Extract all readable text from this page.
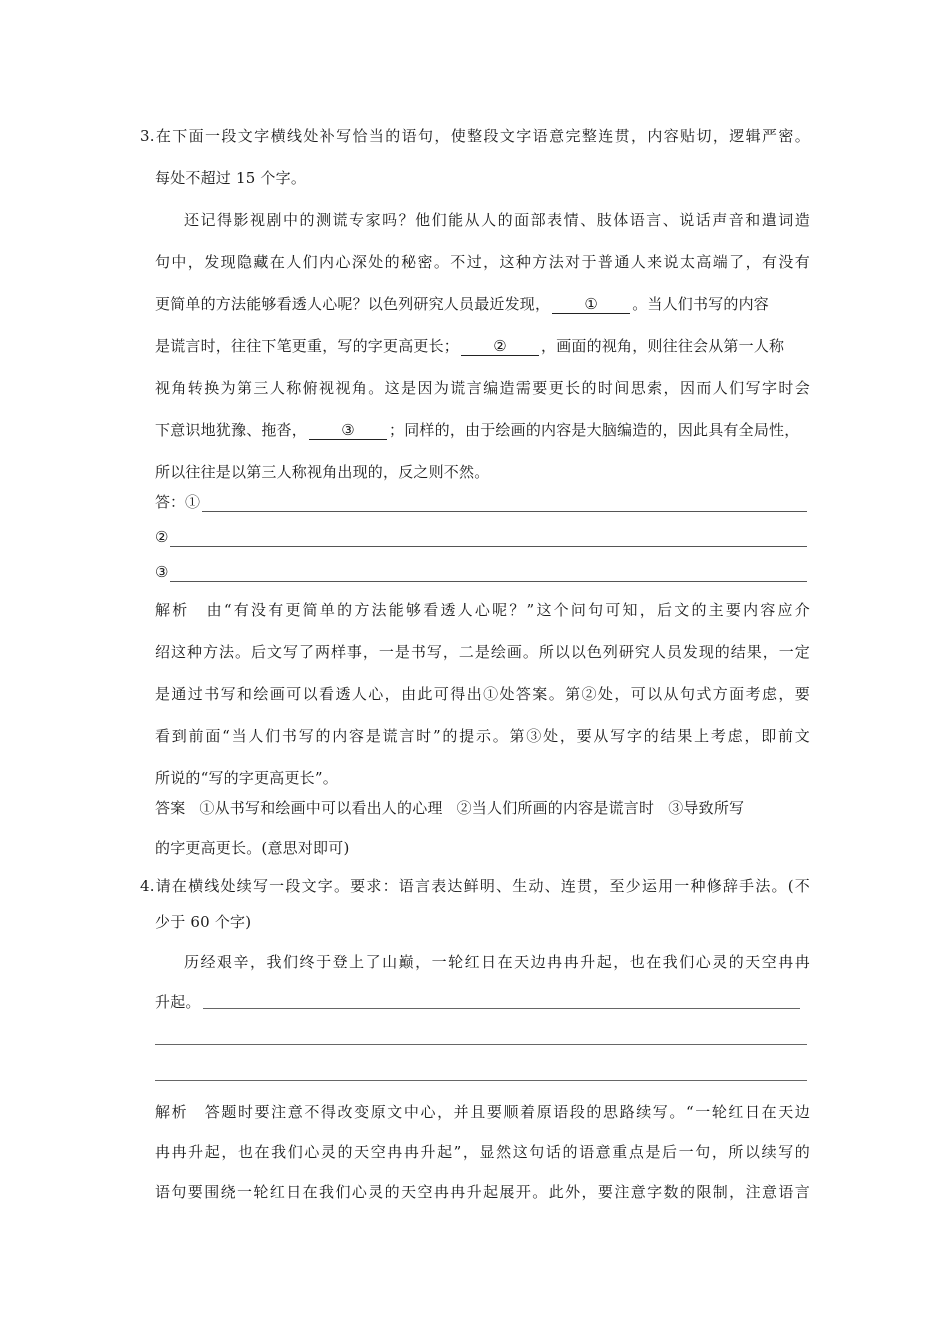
3.在下面一段文字横线处补写恰当的语句，使整段文字语意完整连贯，内容贴切，逻辑严密。
每处不超过 15 个字。
还记得影视剧中的测谎专家吗？他们能从人的面部表情、肢体语言、说话声音和遣词造
句中，发现隐藏在人们内心深处的秘密。不过，这种方法对于普通人来说太高端了，有没有
更简单的方法能够看透人心呢？以色列研究人员最近发现， ① 。当人们书写的内容
是谎言时，往往下笔更重，写的字更高更长； ② ，画面的视角，则往往会从第一人称
视角转换为第三人称俯视视角。这是因为谎言编造需要更长的时间思索，因而人们写字时会
下意识地犹豫、拖沓， ③ ；同样的，由于绘画的内容是大脑编造的，因此具有全局性，
所以往往是以第三人称视角出现的，反之则不然。
答：①
②
③
解析　由“有没有更简单的方法能够看透人心呢？”这个问句可知，后文的主要内容应介
绍这种方法。后文写了两样事，一是书写，二是绘画。所以以色列研究人员发现的结果，一定
是通过书写和绘画可以看透人心，由此可得出①处答案。第②处，可以从句式方面考虑，要
看到前面“当人们书写的内容是谎言时”的提示。第③处，要从写字的结果上考虑，即前文
所说的“写的字更高更长”。
答案 ①从书写和绘画中可以看出人的心理 ②当人们所画的内容是谎言时 ③导致所写
的字更高更长。(意思对即可)
4.请在横线处续写一段文字。要求：语言表达鲜明、生动、连贯，至少运用一种修辞手法。(不
少于 60 个字)
历经艰辛，我们终于登上了山巅，一轮红日在天边冉冉升起，也在我们心灵的天空冉冉
升起。
解析　答题时要注意不得改变原文中心，并且要顺着原语段的思路续写。“一轮红日在天边
冉冉升起，也在我们心灵的天空冉冉升起”，显然这句话的语意重点是后一句，所以续写的
语句要围绕一轮红日在我们心灵的天空冉冉升起展开。此外，要注意字数的限制，注意语言
